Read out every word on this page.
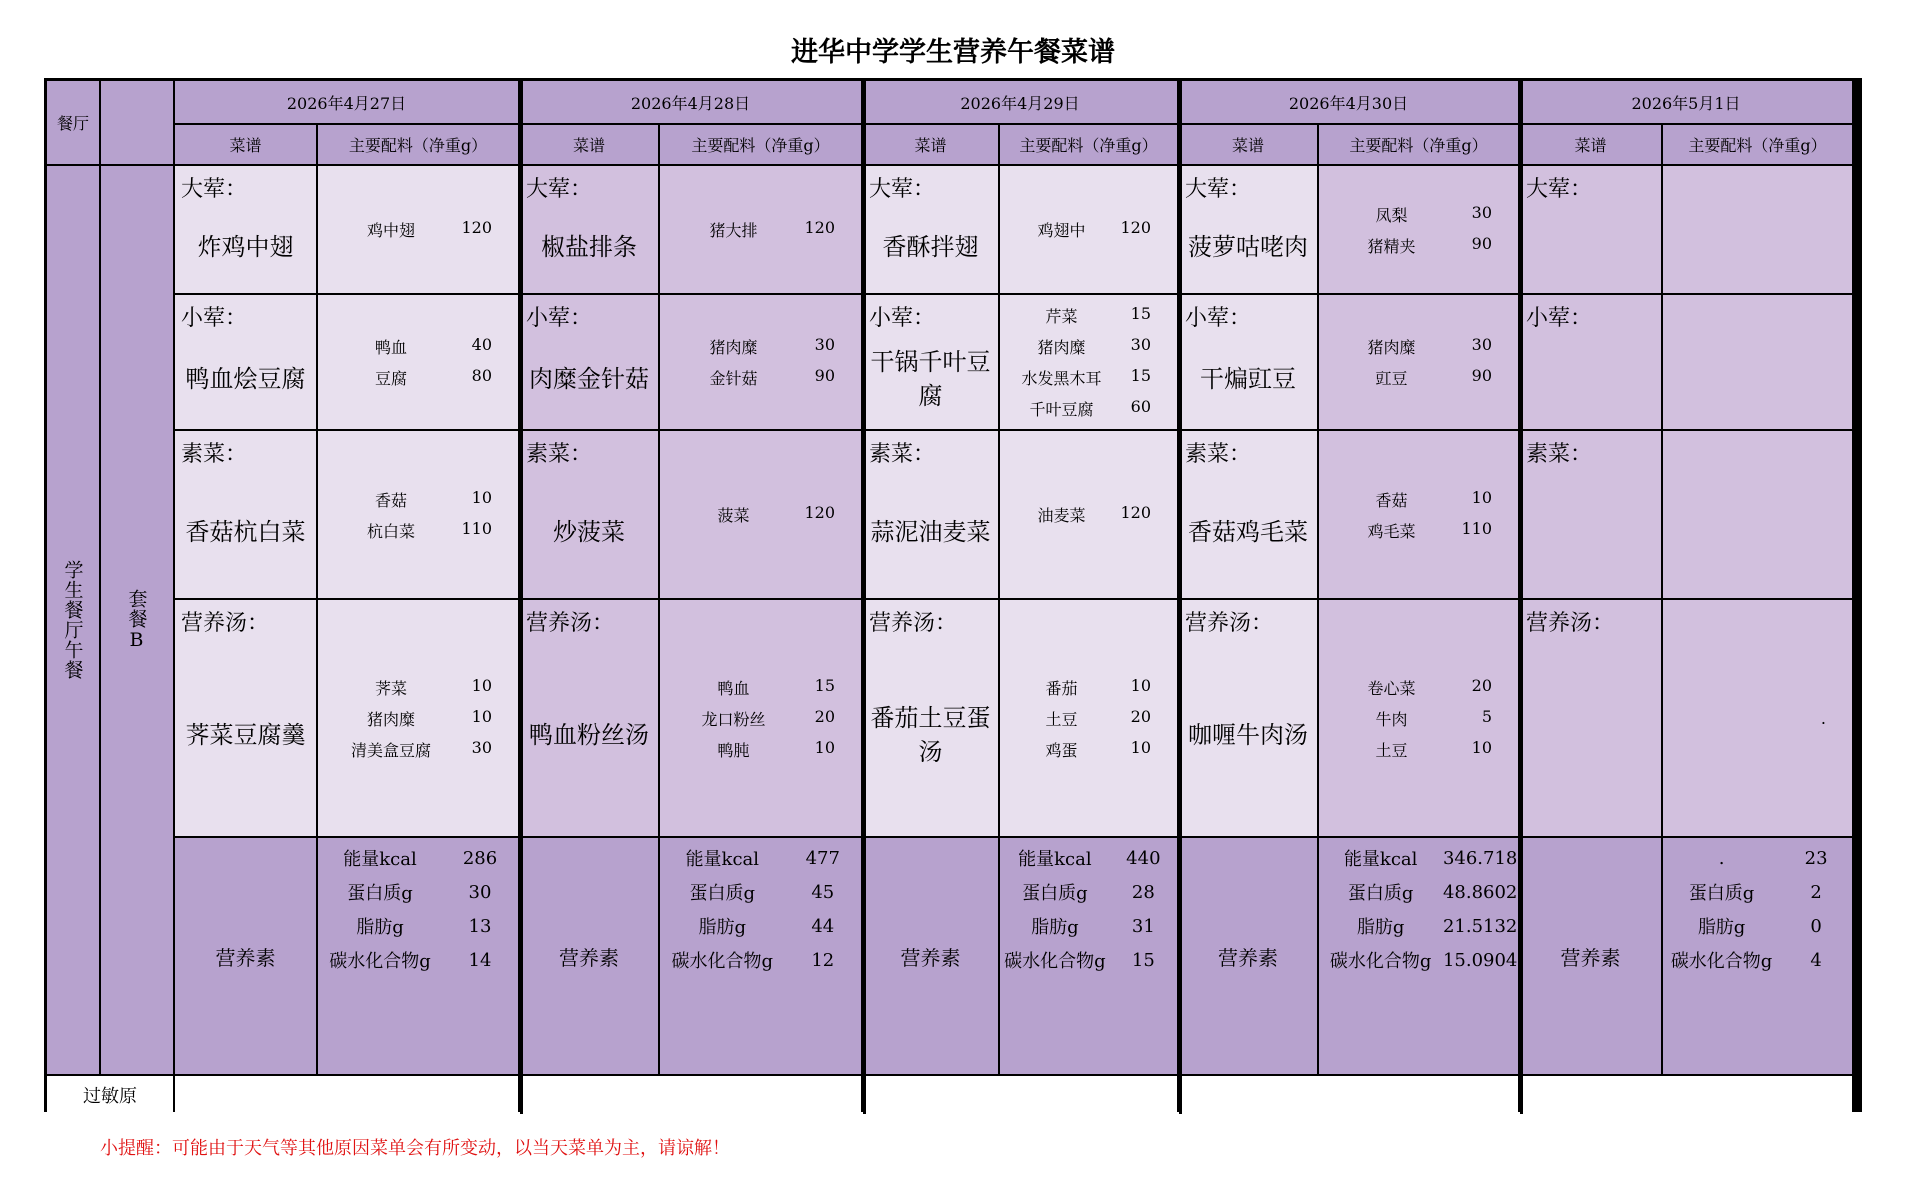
进华中学学生营养午餐菜谱
餐厅
学生餐厅午餐	套餐B
过敏原
2026年4月27日
菜谱	主要配料（净重g）
大荤：
炸鸡中翅
鸡中翅	120
小荤：
鸭血烩豆腐
鸭血	40
豆腐	80
素菜：
香菇杭白菜
香菇	10
杭白菜	110
营养汤：
荠菜豆腐羹
荠菜	10
猪肉糜	10
清美盒豆腐	30
营养素
能量kcal	286
蛋白质g	30
脂肪g	13
碳水化合物g	14
2026年4月28日
菜谱	主要配料（净重g）
大荤：
椒盐排条
猪大排	120
小荤：
肉糜金针菇
猪肉糜	30
金针菇	90
素菜：
炒菠菜
菠菜	120
营养汤：
鸭血粉丝汤
鸭血	15
龙口粉丝	20
鸭肫	10
营养素
能量kcal	477
蛋白质g	45
脂肪g	44
碳水化合物g	12
2026年4月29日
菜谱	主要配料（净重g）
大荤：
香酥拌翅
鸡翅中	120
小荤：
干锅千叶豆腐
芹菜	15
猪肉糜	30
水发黑木耳	15
千叶豆腐	60
素菜：
蒜泥油麦菜
油麦菜	120
营养汤：
番茄土豆蛋汤
番茄	10
土豆	20
鸡蛋	10
营养素
能量kcal	440
蛋白质g	28
脂肪g	31
碳水化合物g	15
2026年4月30日
菜谱	主要配料（净重g）
大荤：
菠萝咕咾肉
凤梨	30
猪精夹	90
小荤：
干煸豇豆
猪肉糜	30
豇豆	90
素菜：
香菇鸡毛菜
香菇	10
鸡毛菜	110
营养汤：
咖喱牛肉汤
卷心菜	20
牛肉	5
土豆	10
营养素
能量kcal	346.718
蛋白质g	48.8602
脂肪g	21.5132
碳水化合物g 15.0904
2026年5月1日
菜谱	主要配料（净重g）
大荤：
小荤：
素菜：
营养汤：
.
营养素
.	23
蛋白质g	2
脂肪g	0
碳水化合物g	4
小提醒：可能由于天气等其他原因菜单会有所变动，以当天菜单为主，请谅解！
